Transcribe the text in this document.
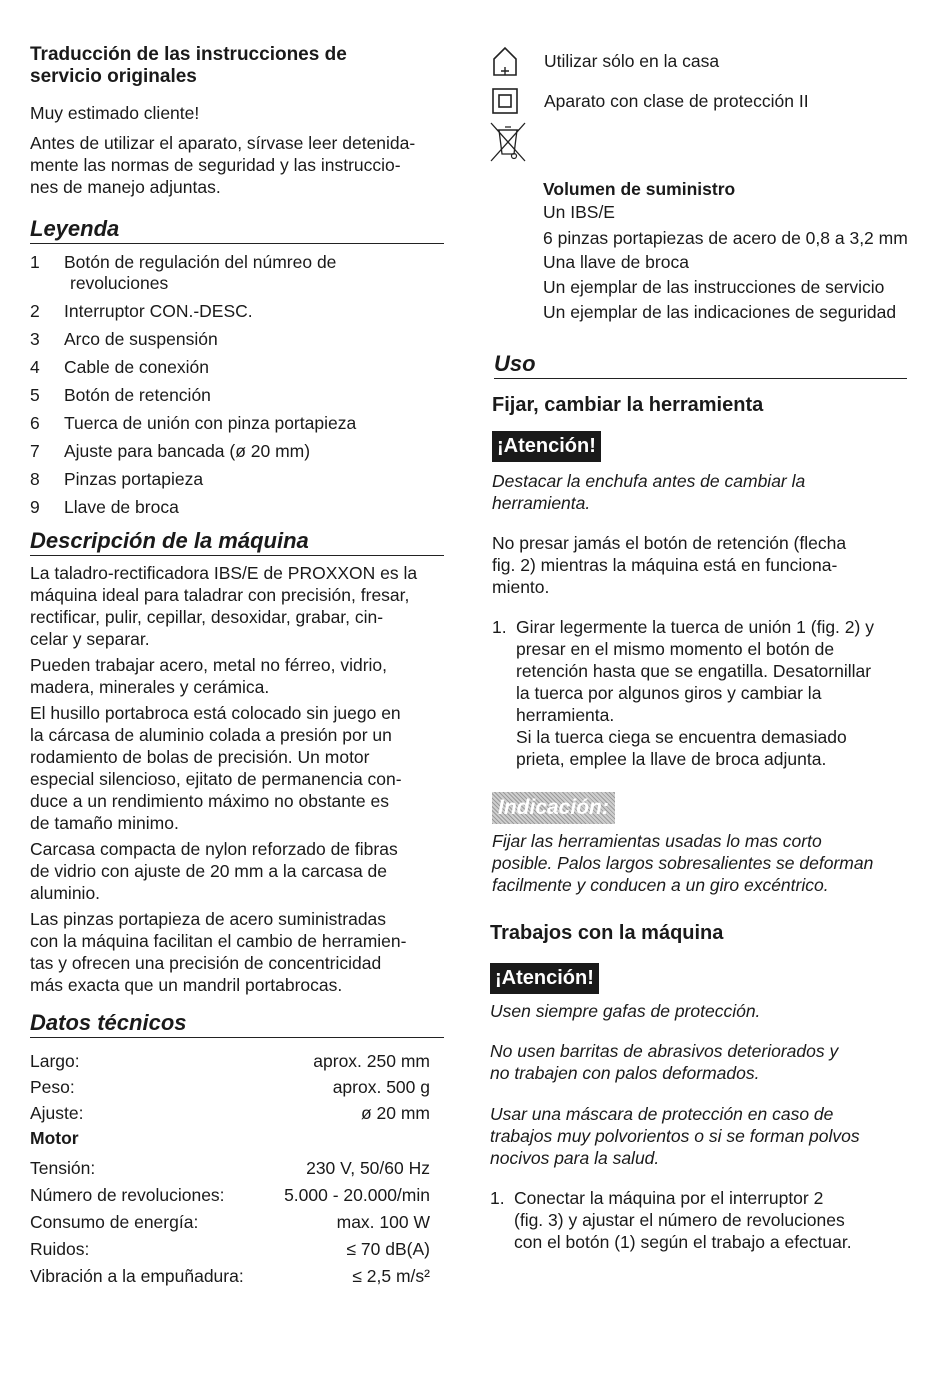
Traducción de las instrucciones de

servicio originales

Muy estimado cliente!

Antes de utilizar el aparato, sírvase leer detenida-

mente las normas de seguridad y las instruccio-

nes de manejo adjuntas.

Leyenda
1	Botón de regulación del númreo de
revoluciones
2	Interruptor CON.-DESC.
3	Arco de suspensión
4	Cable de conexión
5	Botón de retención
6	Tuerca de unión con pinza portapieza
7	Ajuste para bancada (ø 20 mm)
8	Pinzas portapieza
9	Llave de broca
Descripción de la máquina

La taladro-rectificadora IBS/E de PROXXON es la

máquina ideal para taladrar con precisión, fresar,

rectificar, pulir, cepillar, desoxidar, grabar, cin-

celar y separar.

Pueden trabajar acero, metal no férreo, vidrio,

madera, minerales y cerámica.

El husillo portabroca está colocado sin juego en

la cárcasa de aluminio colada a presión por un

rodamiento de bolas de precisión. Un motor

especial silencioso, ejitato de permanencia con-

duce a un rendimiento máximo no obstante es

de tamaño minimo.

Carcasa compacta de nylon reforzado de fibras

de vidrio con ajuste de 20 mm a la carcasa de

aluminio.

Las pinzas portapieza de acero suministradas

con la máquina facilitan el cambio de herramien-

tas y ofrecen una precisión de concentricidad

más exacta que un mandril portabrocas.

Datos técnicos
Largo:	aprox. 250 mm
Peso:	aprox. 500 g
Ajuste:	ø 20 mm
Motor
Tensión:	230 V, 50/60 Hz
Número de revoluciones:	5.000 - 20.000/min
Consumo de energía:	max. 100 W
Ruidos:	≤ 70 dB(A)
Vibración a la empuñadura:	≤ 2,5 m/s²
Utilizar sólo en la casa
Aparato con clase de protección II

Volumen de suministro

Un IBS/E

6 pinzas portapiezas de acero de 0,8 a 3,2 mm

Una llave de broca

Un ejemplar de las instrucciones de servicio

Un ejemplar de las indicaciones de seguridad

Uso
Fijar, cambiar la herramienta
¡Atención!

Destacar la enchufa antes de cambiar la

herramienta.

No presar jamás el botón de retención (flecha

fig. 2) mientras la máquina está en funciona-

miento.

1. Girar legermente la tuerca de unión 1 (fig. 2) y
presar en el mismo momento el botón de
retención hasta que se engatilla. Desatornillar
la tuerca por algunos giros y cambiar la
herramienta.
Si la tuerca ciega se encuentra demasiado
prieta, emplee la llave de broca adjunta.
Indicación:

Fijar las herramientas usadas lo mas corto

posible. Palos largos sobresalientes se deforman

facilmente y conducen a un giro excéntrico.

Trabajos con la máquina
¡Atención!

Usen siempre gafas de protección.

No usen barritas de abrasivos deteriorados y

no trabajen con palos deformados.

Usar una máscara de protección en caso de

trabajos muy polvorientos o si se forman polvos

nocivos para la salud.

1. Conectar la máquina por el interruptor 2
(fig. 3) y ajustar el número de revoluciones
con el botón (1) según el trabajo a efectuar.
